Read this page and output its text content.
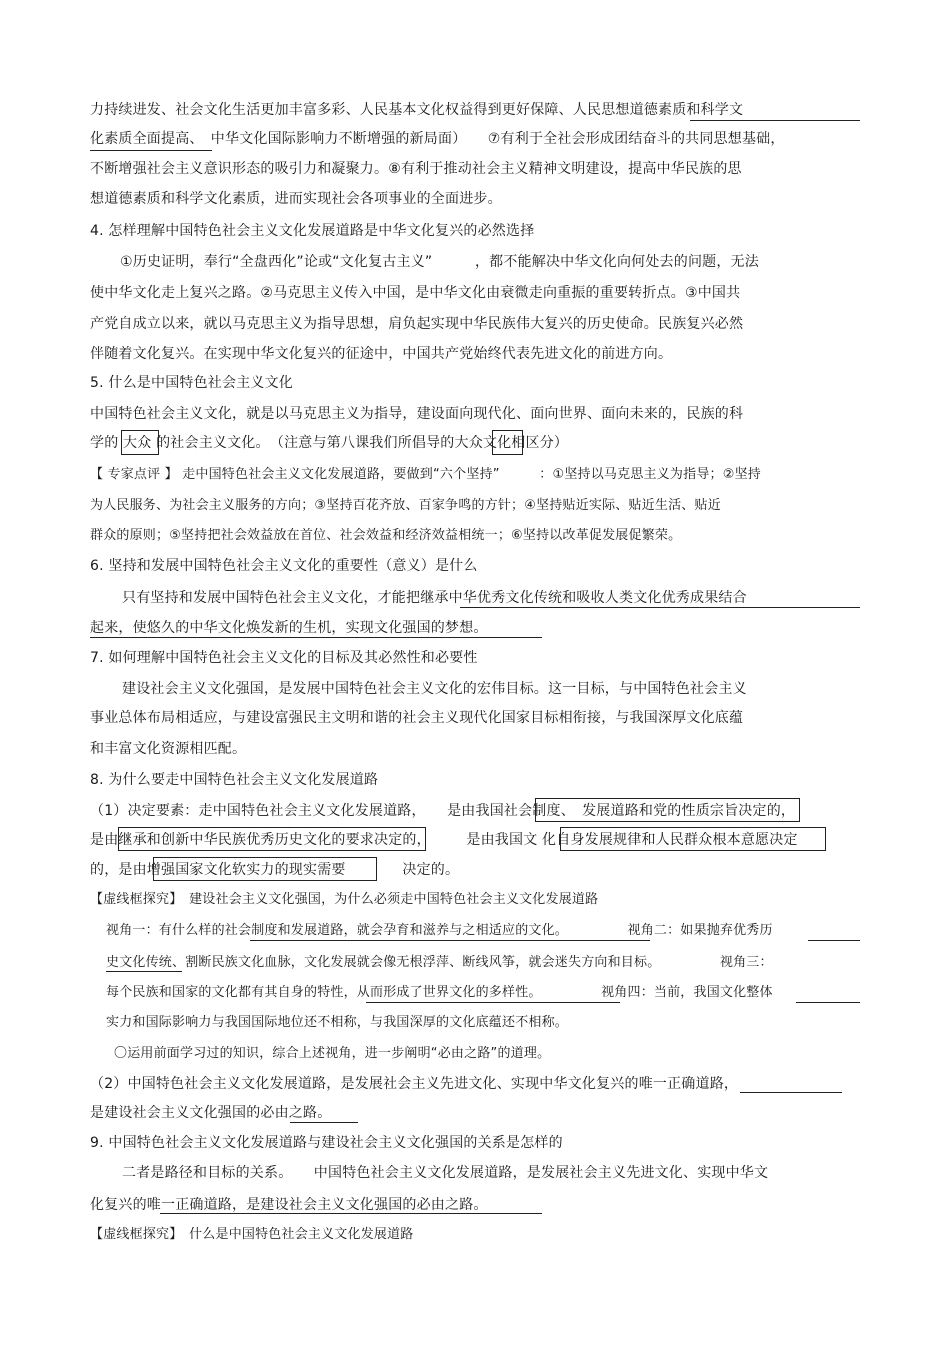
力持续进发、社会文化生活更加丰富多彩、人民基本文化权益得到更好保障、人民思想道德素质和科学文
化素质全面提高、　中华文化国际影响力不断增强的新局面）　　⑦有利于全社会形成团结奋斗的共同思想基础，
不断增强社会主义意识形态的吸引力和凝聚力。⑧有利于推动社会主义精神文明建设，提高中华民族的思
想道德素质和科学文化素质，进而实现社会各项事业的全面进步。
4. 怎样理解中国特色社会主义文化发展道路是中华文化复兴的必然选择
①历史证明，奉行“全盘西化”论或“文化复古主义”　　　，都不能解决中华文化向何处去的问题，无法
使中华文化走上复兴之路。②马克思主义传入中国，是中华文化由衰微走向重振的重要转折点。③中国共
产党自成立以来，就以马克思主义为指导思想，肩负起实现中华民族伟大复兴的历史使命。民族复兴必然
伴随着文化复兴。在实现中华文化复兴的征途中，中国共产党始终代表先进文化的前进方向。
5. 什么是中国特色社会主义文化
中国特色社会主义文化，就是以马克思主义为指导，建设面向现代化、面向世界、面向未来的，民族的科
学的 大众 的社会主义文化。　（注意与第八课我们所倡导的大众文化相区分）
【 专家点评 】 走中国特色社会主义文化发展道路，要做到“六个坚持”　　　：①坚持以马克思主义为指导；②坚持
为人民服务、为社会主义服务的方向；③坚持百花齐放、百家争鸣的方针；④坚持贴近实际、贴近生活、贴近
群众的原则；⑤坚持把社会效益放在首位、社会效益和经济效益相统一；⑥坚持以改革促发展促繁荣。
6. 坚持和发展中国特色社会主义文化的重要性（意义）是什么
只有坚持和发展中国特色社会主义文化，才能把继承中华优秀文化传统和吸收人类文化优秀成果结合
起来，使悠久的中华文化焕发新的生机，实现文化强国的梦想。
7. 如何理解中国特色社会主义文化的目标及其必然性和必要性
建设社会主义文化强国，是发展中国特色社会主义文化的宏伟目标。这一目标，与中国特色社会主义
事业总体布局相适应，与建设富强民主文明和谐的社会主义现代化国家目标相衔接，与我国深厚文化底蕴
和丰富文化资源相匹配。
8. 为什么要走中国特色社会主义文化发展道路
（1）决定要素：走中国特色社会主义文化发展道路，　　是由我国社会制度、　发展道路和党的性质宗旨决定的，
是由继承和创新中华民族优秀历史文化的要求决定的，　　　是由我国文 化自身发展规律和人民群众根本意愿决定
的，是由增强国家文化软实力的现实需要　　　　决定的。
【虚线框探究】　建设社会主义文化强国，为什么必须走中国特色社会主义文化发展道路
视角一：有什么样的社会制度和发展道路，就会孕育和滋养与之相适应的文化。　　　　　视角二：如果抛弃优秀历
史文化传统、割断民族文化血脉，文化发展就会像无根浮萍、断线风筝，就会迷失方向和目标。　　　　　视角三：
每个民族和国家的文化都有其自身的特性，从而形成了世界文化的多样性。　　　　　视角四：当前，我国文化整体
实力和国际影响力与我国国际地位还不相称，与我国深厚的文化底蕴还不相称。
〇运用前面学习过的知识，综合上述视角，进一步阐明“必由之路”的道理。
（2）中国特色社会主义文化发展道路，是发展社会主义先进文化、实现中华文化复兴的唯一正确道路，
是建设社会主义文化强国的必由之路。
9. 中国特色社会主义文化发展道路与建设社会主义文化强国的关系是怎样的
二者是路径和目标的关系。　　中国特色社会主义文化发展道路，是发展社会主义先进文化、实现中华文
化复兴的唯一正确道路，是建设社会主义文化强国的必由之路。
【虚线框探究】　什么是中国特色社会主义文化发展道路
